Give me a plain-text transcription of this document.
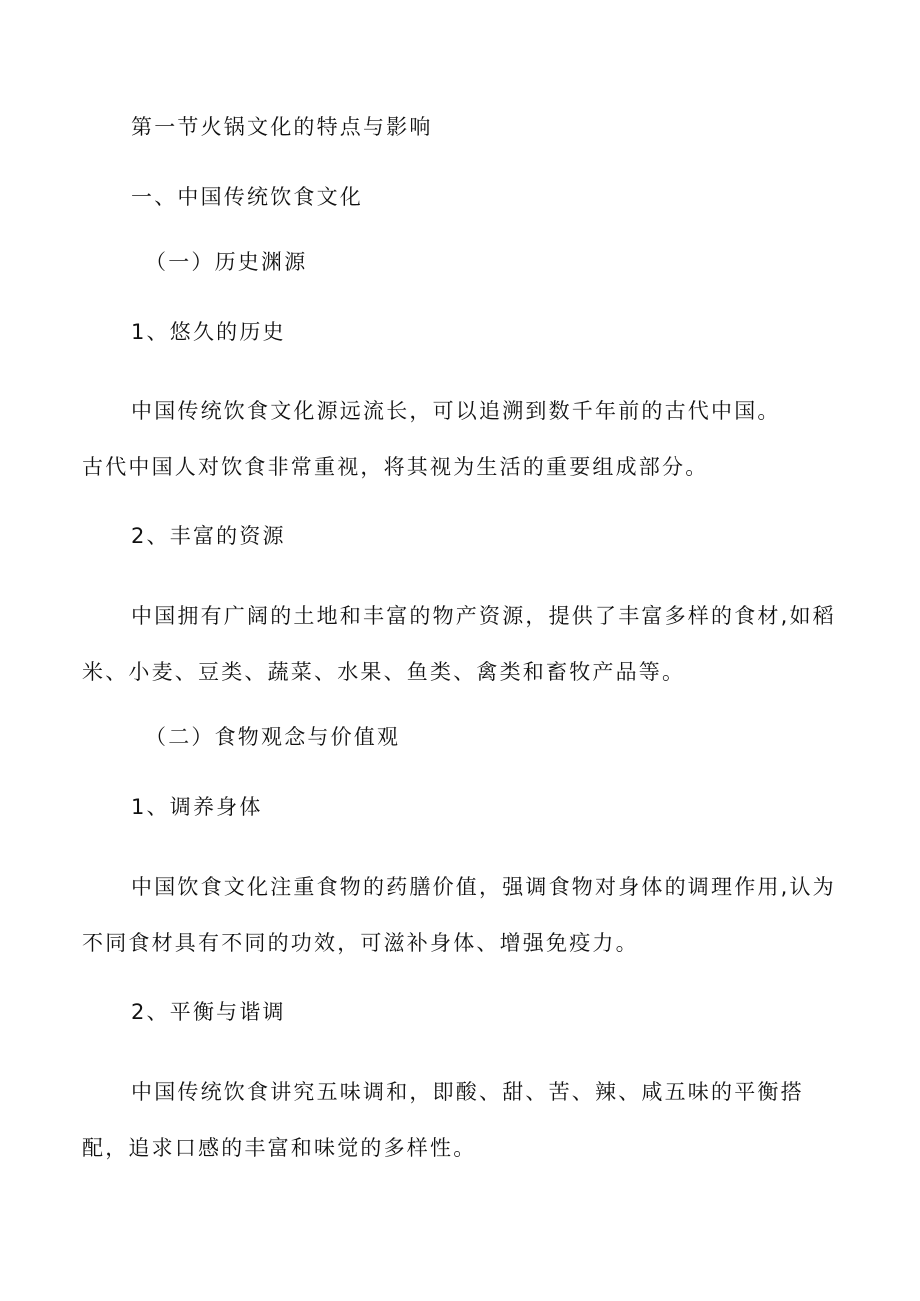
第一节火锅文化的特点与影响
一、中国传统饮食文化
（一）历史渊源
1、悠久的历史
中国传统饮食文化源远流长，可以追溯到数千年前的古代中国。
古代中国人对饮食非常重视，将其视为生活的重要组成部分。
2、丰富的资源
中国拥有广阔的土地和丰富的物产资源，提供了丰富多样的食材,如稻
米、小麦、豆类、蔬菜、水果、鱼类、禽类和畜牧产品等。
（二）食物观念与价值观
1、调养身体
中国饮食文化注重食物的药膳价值，强调食物对身体的调理作用,认为
不同食材具有不同的功效，可滋补身体、增强免疫力。
2、平衡与谐调
中国传统饮食讲究五味调和，即酸、甜、苦、辣、咸五味的平衡搭
配，追求口感的丰富和味觉的多样性。
